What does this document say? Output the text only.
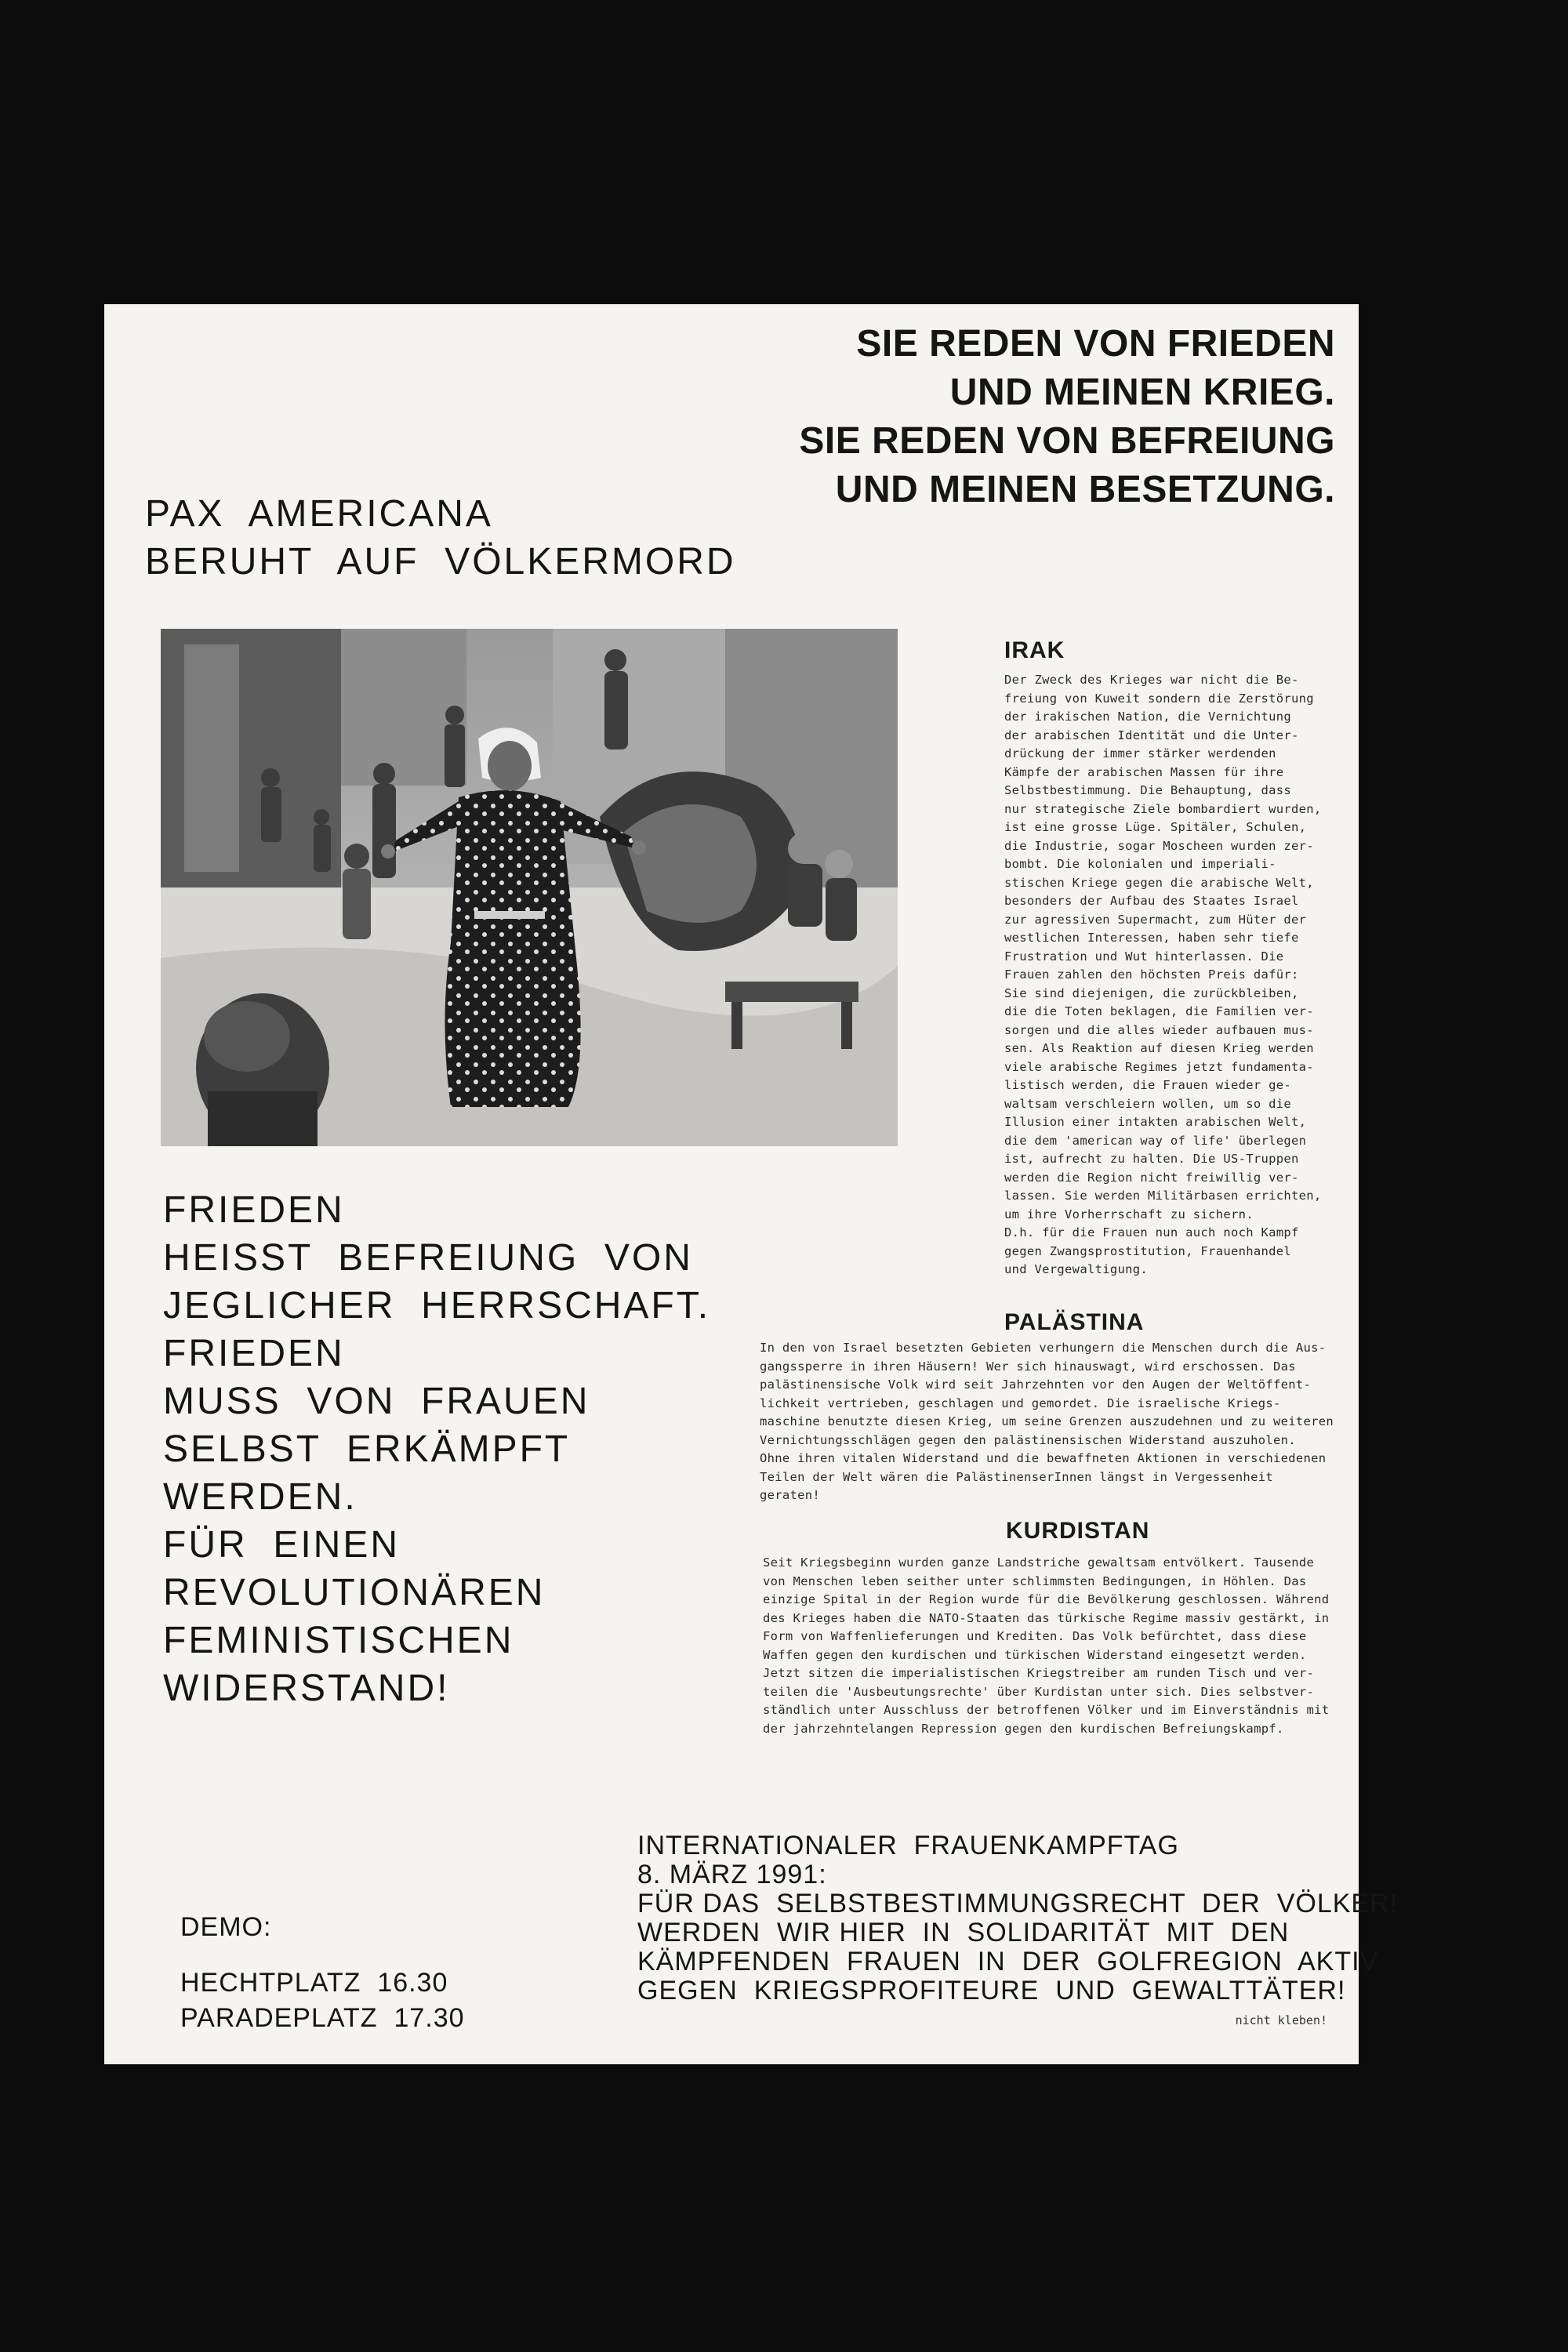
SIE REDEN VON FRIEDEN
UND MEINEN KRIEG.
SIE REDEN VON BEFREIUNG
UND MEINEN BESETZUNG.
PAX  AMERICANA
BERUHT  AUF  VÖLKERMORD
FRIEDEN
HEISST  BEFREIUNG  VON
JEGLICHER  HERRSCHAFT.
FRIEDEN
MUSS  VON  FRAUEN
SELBST  ERKÄMPFT
WERDEN.
FÜR  EINEN
REVOLUTIONÄREN
FEMINISTISCHEN
WIDERSTAND!
IRAK
Der Zweck des Krieges war nicht die Be-
freiung von Kuweit sondern die Zerstörung
der irakischen Nation, die Vernichtung
der arabischen Identität und die Unter-
drückung der immer stärker werdenden
Kämpfe der arabischen Massen für ihre
Selbstbestimmung. Die Behauptung, dass
nur strategische Ziele bombardiert wurden,
ist eine grosse Lüge. Spitäler, Schulen,
die Industrie, sogar Moscheen wurden zer-
bombt. Die kolonialen und imperiali-
stischen Kriege gegen die arabische Welt,
besonders der Aufbau des Staates Israel
zur agressiven Supermacht, zum Hüter der
westlichen Interessen, haben sehr tiefe
Frustration und Wut hinterlassen. Die
Frauen zahlen den höchsten Preis dafür:
Sie sind diejenigen, die zurückbleiben,
die die Toten beklagen, die Familien ver-
sorgen und die alles wieder aufbauen mus-
sen. Als Reaktion auf diesen Krieg werden
viele arabische Regimes jetzt fundamenta-
listisch werden, die Frauen wieder ge-
waltsam verschleiern wollen, um so die
Illusion einer intakten arabischen Welt,
die dem 'american way of life' überlegen
ist, aufrecht zu halten. Die US-Truppen
werden die Region nicht freiwillig ver-
lassen. Sie werden Militärbasen errichten,
um ihre Vorherrschaft zu sichern.
D.h. für die Frauen nun auch noch Kampf
gegen Zwangsprostitution, Frauenhandel
und Vergewaltigung.
PALÄSTINA
In den von Israel besetzten Gebieten verhungern die Menschen durch die Aus-
gangssperre in ihren Häusern! Wer sich hinauswagt, wird erschossen. Das
palästinensische Volk wird seit Jahrzehnten vor den Augen der Weltöffent-
lichkeit vertrieben, geschlagen und gemordet. Die israelische Kriegs-
maschine benutzte diesen Krieg, um seine Grenzen auszudehnen und zu weiteren
Vernichtungsschlägen gegen den palästinensischen Widerstand auszuholen.
Ohne ihren vitalen Widerstand und die bewaffneten Aktionen in verschiedenen
Teilen der Welt wären die PalästinenserInnen längst in Vergessenheit
geraten!
KURDISTAN
Seit Kriegsbeginn wurden ganze Landstriche gewaltsam entvölkert. Tausende
von Menschen leben seither unter schlimmsten Bedingungen, in Höhlen. Das
einzige Spital in der Region wurde für die Bevölkerung geschlossen. Während
des Krieges haben die NATO-Staaten das türkische Regime massiv gestärkt, in
Form von Waffenlieferungen und Krediten. Das Volk befürchtet, dass diese
Waffen gegen den kurdischen und türkischen Widerstand eingesetzt werden.
Jetzt sitzen die imperialistischen Kriegstreiber am runden Tisch und ver-
teilen die 'Ausbeutungsrechte' über Kurdistan unter sich. Dies selbstver-
ständlich unter Ausschluss der betroffenen Völker und im Einverständnis mit
der jahrzehntelangen Repression gegen den kurdischen Befreiungskampf.
DEMO:
HECHTPLATZ  16.30
PARADEPLATZ  17.30
INTERNATIONALER  FRAUENKAMPFTAG
8. MÄRZ 1991:
FÜR DAS  SELBSTBESTIMMUNGSRECHT  DER  VÖLKER!
WERDEN  WIR HIER  IN  SOLIDARITÄT  MIT  DEN
KÄMPFENDEN  FRAUEN  IN  DER  GOLFREGION  AKTIV
GEGEN  KRIEGSPROFITEURE  UND  GEWALTTÄTER!
nicht kleben!
